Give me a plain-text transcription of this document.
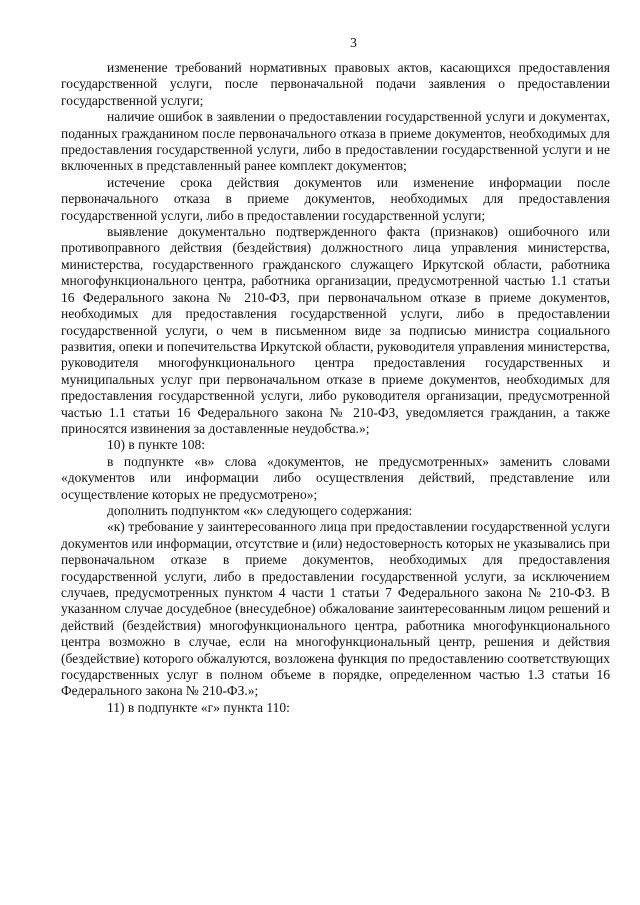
3

изменение требований нормативных правовых актов, касающихся предоставления государственной услуги, после первоначальной подачи заявления о предоставлении государственной услуги;

наличие ошибок в заявлении о предоставлении государственной услуги и документах, поданных гражданином после первоначального отказа в приеме документов, необходимых для предоставления государственной услуги, либо в предоставлении государственной услуги и не включенных в представленный ранее комплект документов;

истечение срока действия документов или изменение информации после первоначального отказа в приеме документов, необходимых для предоставления государственной услуги, либо в предоставлении государственной услуги;

выявление документально подтвержденного факта (признаков) ошибочного или противоправного действия (бездействия) должностного лица управления министерства, министерства, государственного гражданского служащего Иркутской области, работника многофункционального центра, работника организации, предусмотренной частью 1.1 статьи 16 Федерального закона № 210-ФЗ, при первоначальном отказе в приеме документов, необходимых для предоставления государственной услуги, либо в предоставлении государственной услуги, о чем в письменном виде за подписью министра социального развития, опеки и попечительства Иркутской области, руководителя управления министерства, руководителя многофункционального центра предоставления государственных и муниципальных услуг при первоначальном отказе в приеме документов, необходимых для предоставления государственной услуги, либо руководителя организации, предусмотренной частью 1.1 статьи 16 Федерального закона № 210-ФЗ, уведомляется гражданин, а также приносятся извинения за доставленные неудобства.»;

10) в пункте 108:

в подпункте «в» слова «документов, не предусмотренных» заменить словами «документов или информации либо осуществления действий, представление или осуществление которых не предусмотрено»;

дополнить подпунктом «к» следующего содержания:

«к) требование у заинтересованного лица при предоставлении государственной услуги документов или информации, отсутствие и (или) недостоверность которых не указывались при первоначальном отказе в приеме документов, необходимых для предоставления государственной услуги, либо в предоставлении государственной услуги, за исключением случаев, предусмотренных пунктом 4 части 1 статьи 7 Федерального закона № 210-ФЗ. В указанном случае досудебное (внесудебное) обжалование заинтересованным лицом решений и действий (бездействия) многофункционального центра, работника многофункционального центра возможно в случае, если на многофункциональный центр, решения и действия (бездействие) которого обжалуются, возложена функция по предоставлению соответствующих государственных услуг в полном объеме в порядке, определенном частью 1.3 статьи 16 Федерального закона № 210-ФЗ.»;

11) в подпункте «г» пункта 110:
